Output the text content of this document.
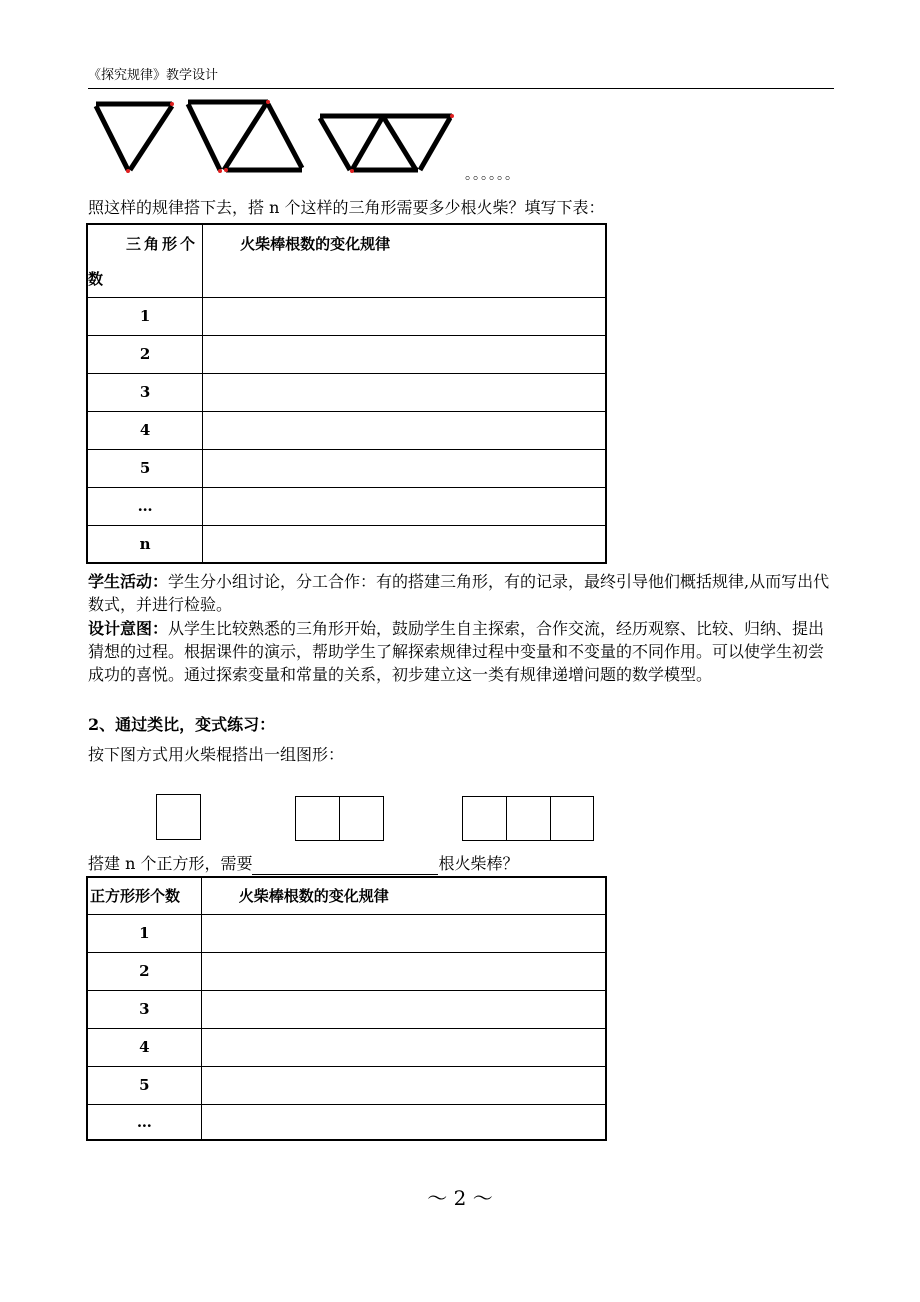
《探究规律》教学设计
。。。。。。
照这样的规律搭下去，搭 n 个这样的三角形需要多少根火柴？填写下表：
三角形个
数	火柴棒根数的变化规律

1	
2	
3	
4	
5	
…	
n	
学生活动：学生分小组讨论，分工合作：有的搭建三角形，有的记录，最终引导他们概括规律,从而写出代数式，并进行检验。
设计意图：从学生比较熟悉的三角形开始，鼓励学生自主探索，合作交流，经历观察、比较、归纳、提出猜想的过程。根据课件的演示，帮助学生了解探索规律过程中变量和不变量的不同作用。可以使学生初尝成功的喜悦。通过探索变量和常量的关系，初步建立这一类有规律递增问题的数学模型。
2、通过类比，变式练习：
按下图方式用火柴棍搭出一组图形：
搭建 n 个正方形，需要	根火柴棒？
正方形形个数	火柴棒根数的变化规律
1	
2	
3	
4	
5	
…	
～ 2 ～
